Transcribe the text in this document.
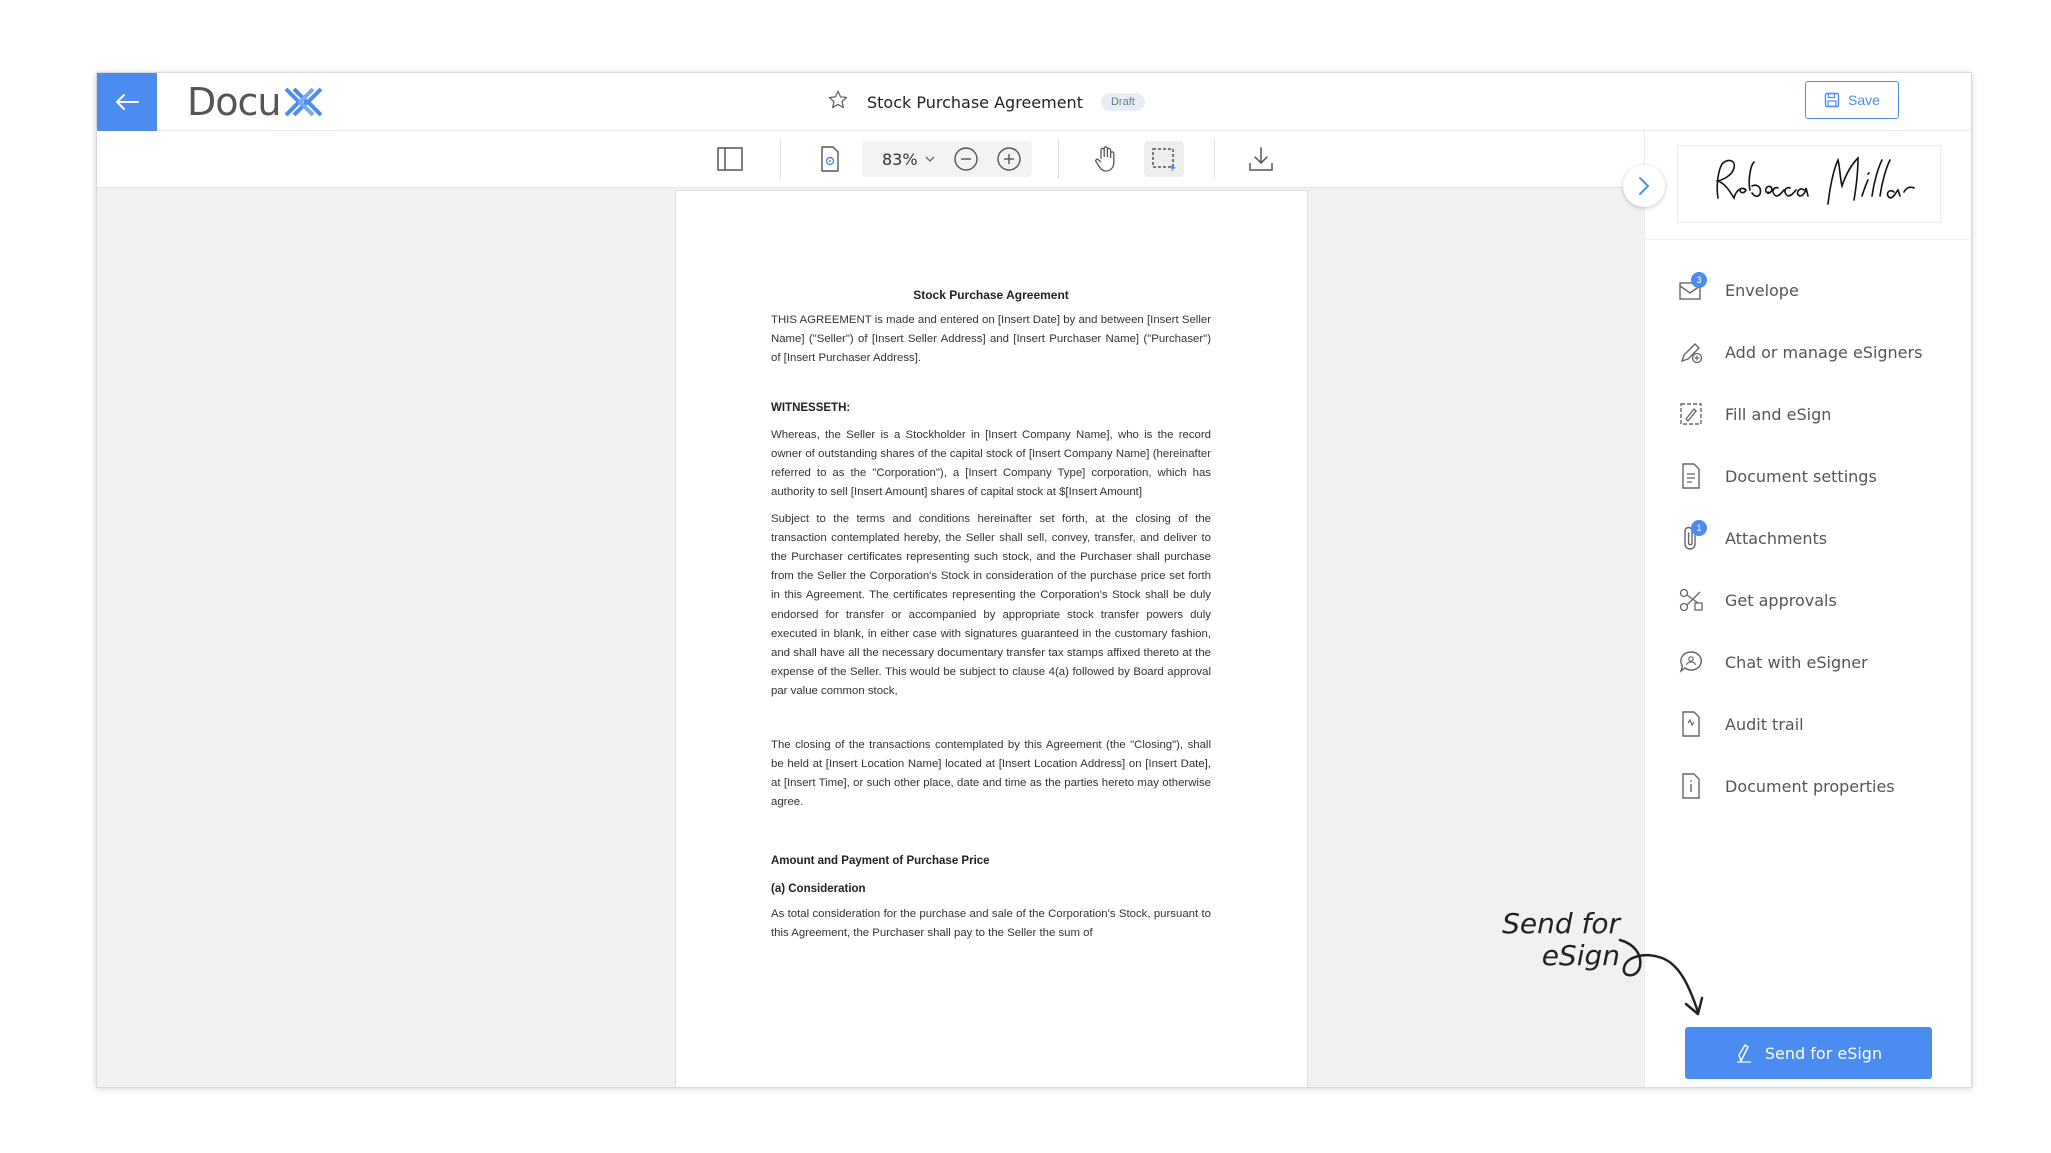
Docu	Stock Purchase Agreement	Draft	Save
83%
Stock Purchase Agreement

THIS AGREEMENT is made and entered on [Insert Date] by and between [Insert Seller Name] ("Seller") of [Insert Seller Address] and [Insert Purchaser Name] ("Purchaser") of [Insert Purchaser Address].

WITNESSETH:

Whereas, the Seller is a Stockholder in [Insert Company Name], who is the record owner of outstanding shares of the capital stock of [Insert Company Name] (hereinafter referred to as the "Corporation"), a [Insert Company Type] corporation, which has authority to sell [Insert Amount] shares of capital stock at $[Insert Amount]

Subject to the terms and conditions hereinafter set forth, at the closing of the transaction contemplated hereby, the Seller shall sell, convey, transfer, and deliver to the Purchaser certificates representing such stock, and the Purchaser shall purchase from the Seller the Corporation's Stock in consideration of the purchase price set forth in this Agreement. The certificates representing the Corporation's Stock shall be duly endorsed for transfer or accompanied by appropriate stock transfer powers duly executed in blank, in either case with signatures guaranteed in the customary fashion, and shall have all the necessary documentary transfer tax stamps affixed thereto at the expense of the Seller. This would be subject to clause 4(a) followed by Board approval par value common stock,

The closing of the transactions contemplated by this Agreement (the "Closing"), shall be held at [Insert Location Name] located at [Insert Location Address] on [Insert Date], at [Insert Time], or such other place, date and time as the parties hereto may otherwise agree.

Amount and Payment of Purchase Price
(a) Consideration

As total consideration for the purchase and sale of the Corporation's Stock, pursuant to this Agreement, the Purchaser shall pay to the Seller the sum of

3
Envelope
Add or manage eSigners
Fill and eSign
Document settings
1
Attachments
Get approvals
Chat with eSigner
Audit trail
Document properties
Send for
eSign
Send for eSign
